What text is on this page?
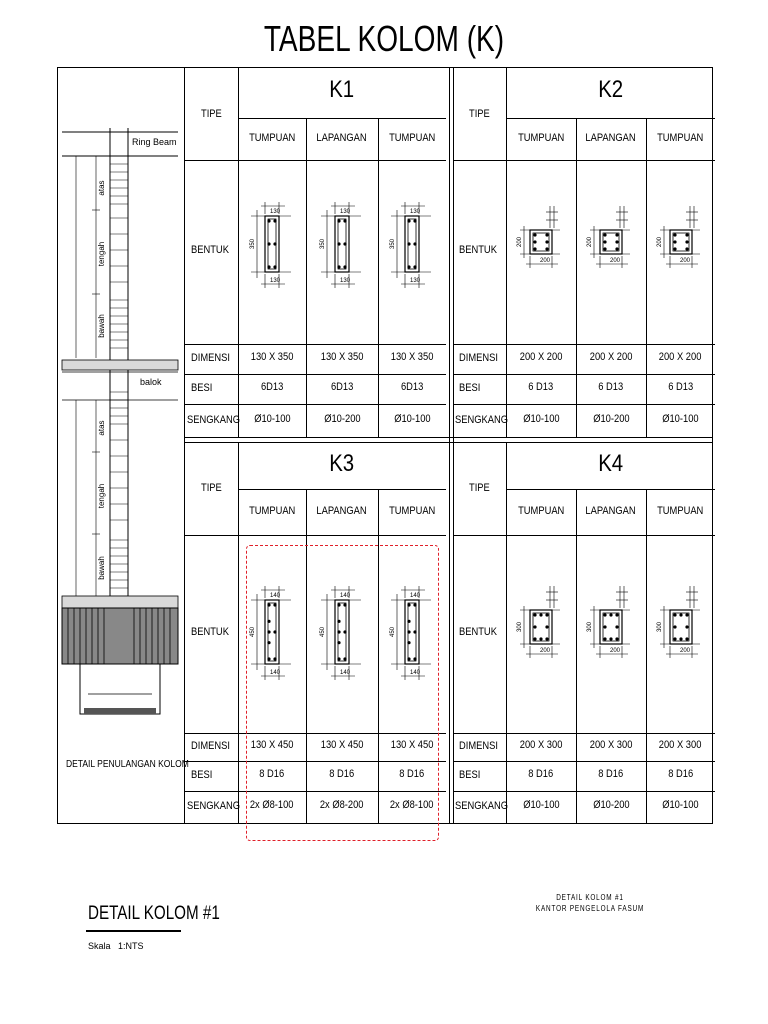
TABEL KOLOM (K)
atas
tengah
bawah
atas
tengah
bawah
Ring Beam
balok
DETAIL PENULANGAN KOLOM
K1
TIPE
BENTUK
DIMENSI
BESI
SENGKANG
TUMPUAN
130 X 350
6D13
Ø10-100
350
130
130
LAPANGAN
130 X 350
6D13
Ø10-200
350
130
130
TUMPUAN
130 X 350
6D13
Ø10-100
350
130
130
K2
TIPE
BENTUK
DIMENSI
BESI
SENGKANG
TUMPUAN
200 X 200
6 D13
Ø10-100
200
200
LAPANGAN
200 X 200
6 D13
Ø10-200
200
200
TUMPUAN
200 X 200
6 D13
Ø10-100
200
200
K3
TIPE
BENTUK
DIMENSI
BESI
SENGKANG
TUMPUAN
130 X 450
8 D16
2x Ø8-100
450
140
140
LAPANGAN
130 X 450
8 D16
2x Ø8-200
450
140
140
TUMPUAN
130 X 450
8 D16
2x Ø8-100
450
140
140
K4
TIPE
BENTUK
DIMENSI
BESI
SENGKANG
TUMPUAN
200 X 300
8 D16
Ø10-100
300
200
LAPANGAN
200 X 300
8 D16
Ø10-200
300
200
TUMPUAN
200 X 300
8 D16
Ø10-100
300
200
DETAIL KOLOM #1
Skala 1:NTS
DETAIL KOLOM #1
KANTOR PENGELOLA FASUM
